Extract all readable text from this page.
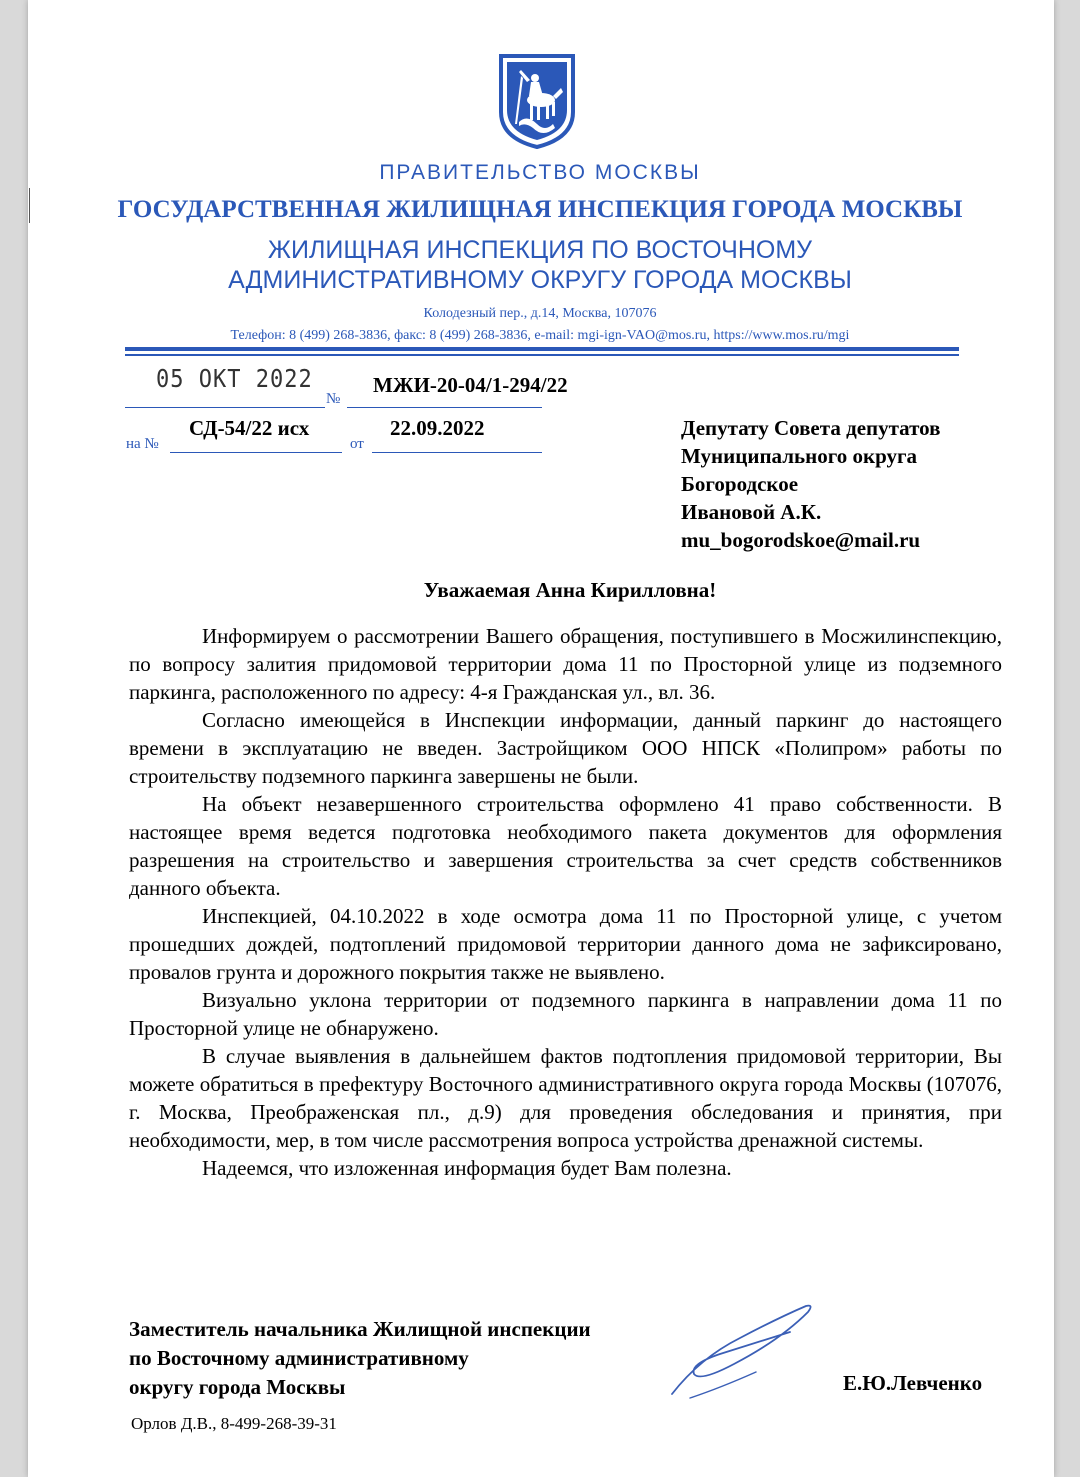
ПРАВИТЕЛЬСТВО МОСКВЫ
ГОСУДАРСТВЕННАЯ ЖИЛИЩНАЯ ИНСПЕКЦИЯ ГОРОДА МОСКВЫ
ЖИЛИЩНАЯ ИНСПЕКЦИЯ ПО ВОСТОЧНОМУ
АДМИНИСТРАТИВНОМУ ОКРУГУ ГОРОДА МОСКВЫ
Колодезный пер., д.14, Москва, 107076
Телефон: 8 (499) 268-3836, факс: 8 (499) 268-3836, e-mail: mgi-ign-VAO@mos.ru, https://www.mos.ru/mgi
05 ОКТ 2022
№
МЖИ-20-04/1-294/22
на №
СД-54/22 исх
от
22.09.2022	Депутату Совета депутатов
Муниципального округа
Богородское
Ивановой А.К.
mu_bogorodskoe@mail.ru
Уважаемая Анна Кирилловна!

Информируем о рассмотрении Вашего обращения, поступившего в Мосжилинспекцию, по вопросу залития придомовой территории дома 11 по Просторной улице из подземного паркинга, расположенного по адресу: 4-я Гражданская ул., вл. 36.

Согласно имеющейся в Инспекции информации, данный паркинг до настоящего времени в эксплуатацию не введен. Застройщиком ООО НПСК «Полипром» работы по строительству подземного паркинга завершены не были.

На объект незавершенного строительства оформлено 41 право собственности. В настоящее время ведется подготовка необходимого пакета документов для оформления разрешения на строительство и завершения строительства за счет средств собственников данного объекта.

Инспекцией, 04.10.2022 в ходе осмотра дома 11 по Просторной улице, с учетом прошедших дождей, подтоплений придомовой территории данного дома не зафиксировано, провалов грунта и дорожного покрытия также не выявлено.

Визуально уклона территории от подземного паркинга в направлении дома 11 по Просторной улице не обнаружено.

В случае выявления в дальнейшем фактов подтопления придомовой территории, Вы можете обратиться в префектуру Восточного административного округа города Москвы (107076, г. Москва, Преображенская пл., д.9) для проведения обследования и принятия, при необходимости, мер, в том числе рассмотрения вопроса устройства дренажной системы.

Надеемся, что изложенная информация будет Вам полезна.

Заместитель начальника Жилищной инспекции
по Восточному административному
округу города Москвы	Е.Ю.Левченко
Орлов Д.В., 8-499-268-39-31
